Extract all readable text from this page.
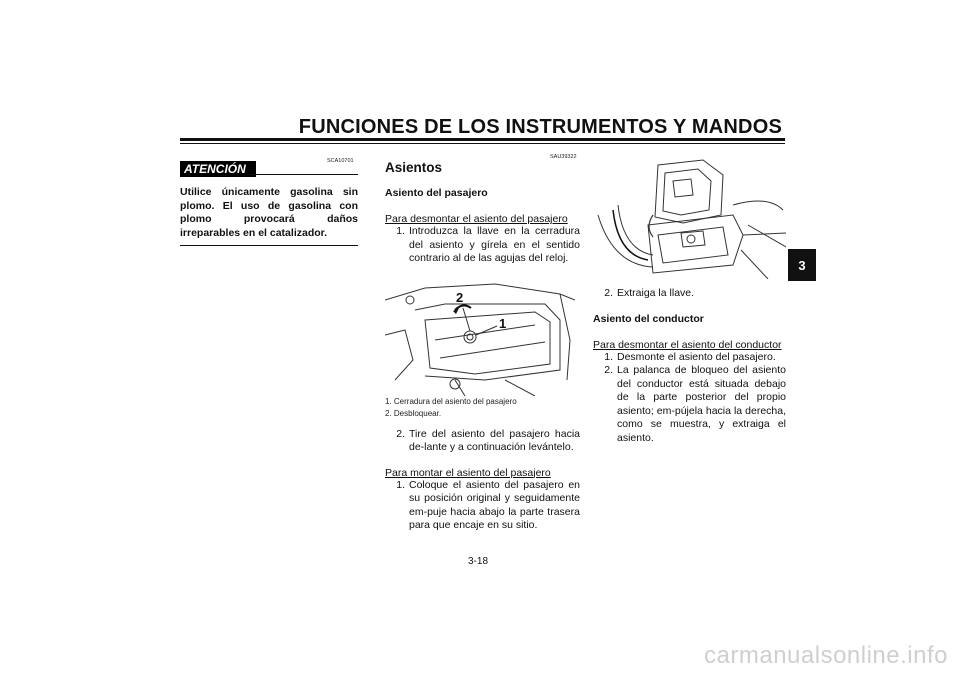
FUNCIONES DE LOS INSTRUMENTOS Y MANDOS
3
SCA10701
ATENCIÓN
Utilice únicamente gasolina sin plomo. El uso de gasolina con plomo provocará daños irreparables en el catalizador.
SAU39322
Asientos
Asiento del pasajero
Para desmontar el asiento del pasajero
1. Introduzca la llave en la cerradura del asiento y gírela en el sentido contrario al de las agujas del reloj.
2
1
1. Cerradura del asiento del pasajero
2. Desbloquear.
2. Tire del asiento del pasajero hacia de-lante y a continuación levántelo.
Para montar el asiento del pasajero
1. Coloque el asiento del pasajero en su posición original y seguidamente em-puje hacia abajo la parte trasera para que encaje en su sitio.
2. Extraiga la llave.
Asiento del conductor
Para desmontar el asiento del conductor
1. Desmonte el asiento del pasajero.
2. La palanca de bloqueo del asiento del conductor está situada debajo de la parte posterior del propio asiento; em-pújela hacia la derecha, como se muestra, y extraiga el asiento.
3-18
carmanualsonline.info
